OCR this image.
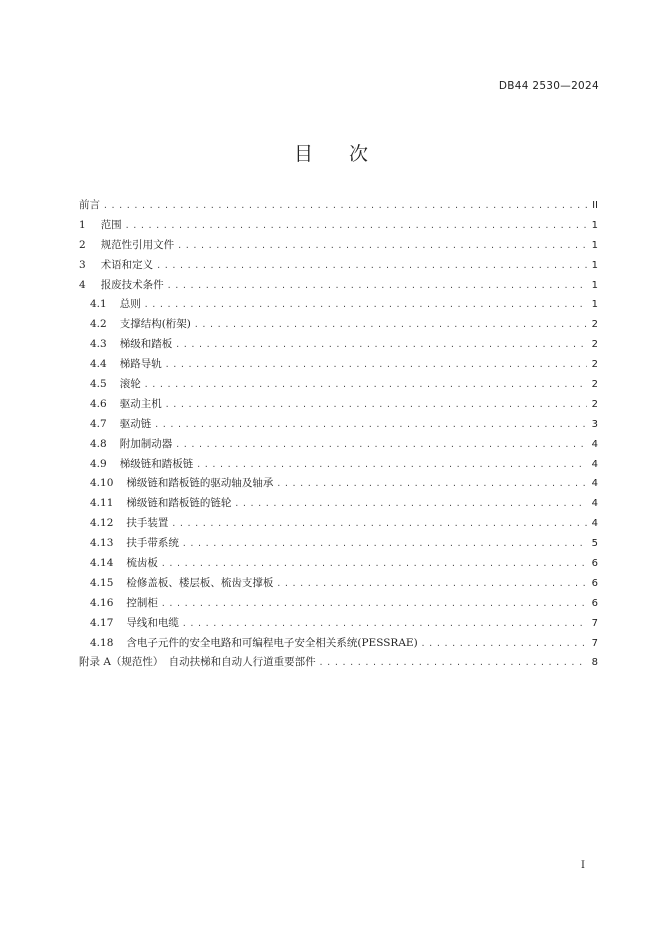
DB44 2530—2024
目 次
前言 . . .	II
1 范围 . . .	1
2 规范性引用文件 . . .	1
3 术语和定义 . . .	1
4 报废技术条件 . . .	1
4.1 总则 . . .	1
4.2 支撑结构(桁架) . . .	2
4.3 梯级和踏板 . . .	2
4.4 梯路导轨 . . .	2
4.5 滚轮 . . .	2
4.6 驱动主机 . . .	2
4.7 驱动链 . . .	3
4.8 附加制动器 . . .	4
4.9 梯级链和踏板链 . . .	4
4.10 梯级链和踏板链的驱动轴及轴承 . . .	4
4.11 梯级链和踏板链的链轮 . . .	4
4.12 扶手装置 . . .	4
4.13 扶手带系统 . . .	5
4.14 梳齿板 . . .	6
4.15 检修盖板、楼层板、梳齿支撑板 . . .	6
4.16 控制柜 . . .	6
4.17 导线和电缆 . . .	7
4.18 含电子元件的安全电路和可编程电子安全相关系统(PESSRAE) . . .	7
附录 A（规范性）　自动扶梯和自动人行道重要部件 . . .	8
I
